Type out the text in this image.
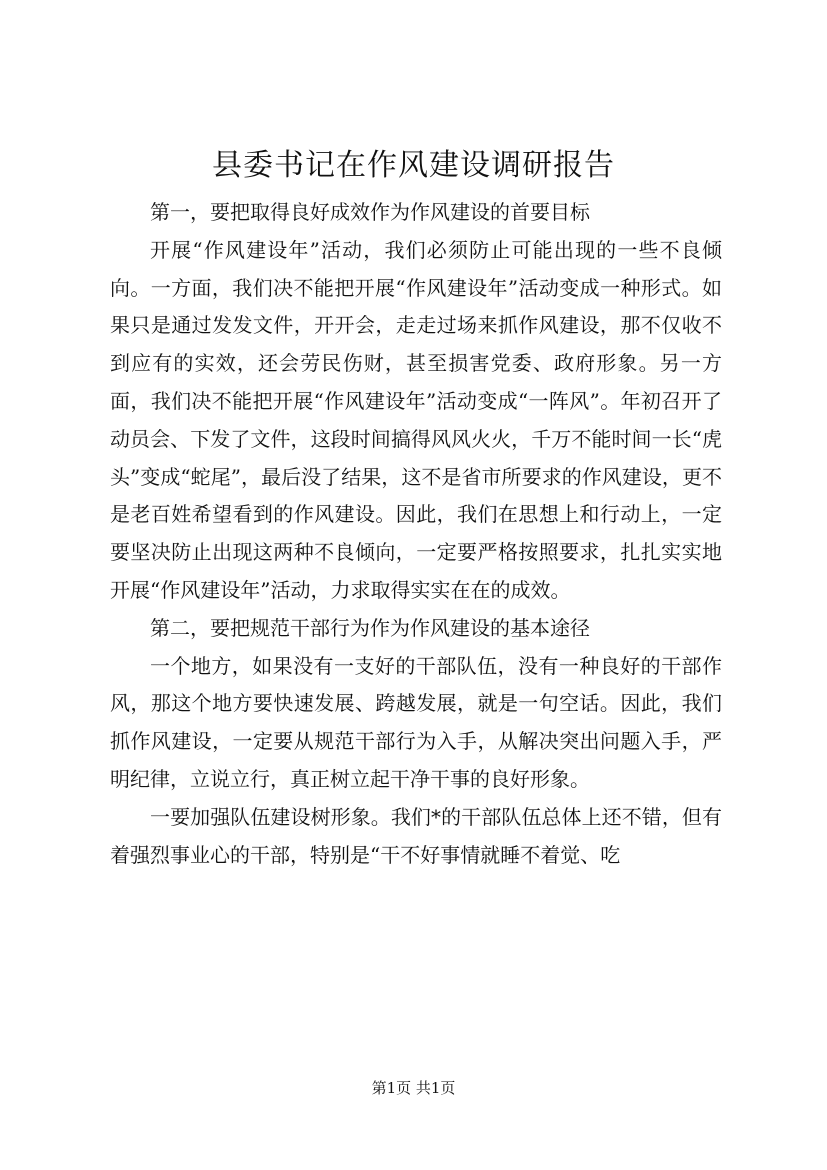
县委书记在作风建设调研报告

第一，要把取得良好成效作为作风建设的首要目标

开展“作风建设年”活动，我们必须防止可能出现的一些不良倾向。一方面，我们决不能把开展“作风建设年”活动变成一种形式。如果只是通过发发文件，开开会，走走过场来抓作风建设，那不仅收不到应有的实效，还会劳民伤财，甚至损害党委、政府形象。另一方面，我们决不能把开展“作风建设年”活动变成“一阵风”。年初召开了动员会、下发了文件，这段时间搞得风风火火，千万不能时间一长“虎头”变成“蛇尾”，最后没了结果，这不是省市所要求的作风建设，更不是老百姓希望看到的作风建设。因此，我们在思想上和行动上，一定要坚决防止出现这两种不良倾向，一定要严格按照要求，扎扎实实地开展“作风建设年”活动，力求取得实实在在的成效。

第二，要把规范干部行为作为作风建设的基本途径

一个地方，如果没有一支好的干部队伍，没有一种良好的干部作风，那这个地方要快速发展、跨越发展，就是一句空话。因此，我们抓作风建设，一定要从规范干部行为入手，从解决突出问题入手，严明纪律，立说立行，真正树立起干净干事的良好形象。

一要加强队伍建设树形象。我们*的干部队伍总体上还不错，但有着强烈事业心的干部，特别是“干不好事情就睡不着觉、吃

第1页 共1页
